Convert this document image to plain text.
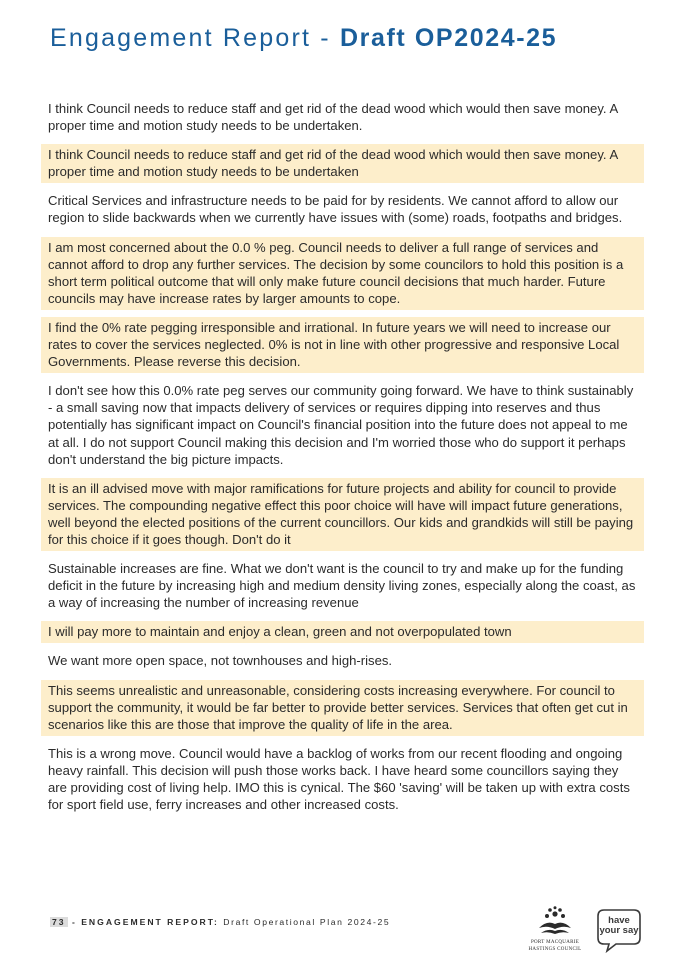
Engagement Report - Draft OP2024-25
I think Council needs to reduce staff and get rid of the dead wood which would then save money. A proper time and motion study needs to be undertaken.
I think Council needs to reduce staff and get rid of the dead wood which would then save money. A proper time and motion study needs to be undertaken
Critical Services and infrastructure needs to be paid for by residents. We cannot afford to allow our region to slide backwards when we currently have issues with (some) roads, footpaths and bridges.
I am most concerned about the 0.0 % peg. Council needs to deliver a full range of services and cannot afford to drop any further services. The decision by some councilors to hold this position is a short term political outcome that will only make future council decisions that much harder. Future councils may have increase rates by larger amounts to cope.
I find the 0% rate pegging irresponsible and irrational. In future years we will need to increase our rates to cover the services neglected. 0% is not in line with other progressive and responsive Local Governments. Please reverse this decision.
I don't see how this 0.0% rate peg serves our community going forward. We have to think sustainably - a small saving now that impacts delivery of services or requires dipping into reserves and thus potentially has significant impact on Council's financial position into the future does not appeal to me at all. I do not support Council making this decision and I'm worried those who do support it perhaps don't understand the big picture impacts.
It is an ill advised move with major ramifications for future projects and ability for council to provide services. The compounding negative effect this poor choice will have will impact future generations, well beyond the elected positions of the current councillors. Our kids and grandkids will still be paying for this choice if it goes though. Don't do it
Sustainable increases are fine. What we don't want is the council to try and make up for the funding deficit in the future by increasing high and medium density living zones, especially along the coast, as a way of increasing the number of increasing revenue
I will pay more to maintain and enjoy a clean, green and not overpopulated town
We want more open space, not townhouses and high-rises.
This seems unrealistic and unreasonable, considering costs increasing everywhere. For council to support the community, it would be far better to provide better services. Services that often get cut in scenarios like this are those that improve the quality of life in the area.
This is a wrong move. Council would have a backlog of works from our recent flooding and ongoing heavy rainfall. This decision will push those works back. I have heard some councillors saying they are providing cost of living help. IMO this is cynical. The $60 'saving' will be taken up with extra costs for sport field use, ferry increases and other increased costs.
73 - ENGAGEMENT REPORT: Draft Operational Plan 2024-25
PORT MACQUARIE
HASTINGS COUNCIL
have
your say
